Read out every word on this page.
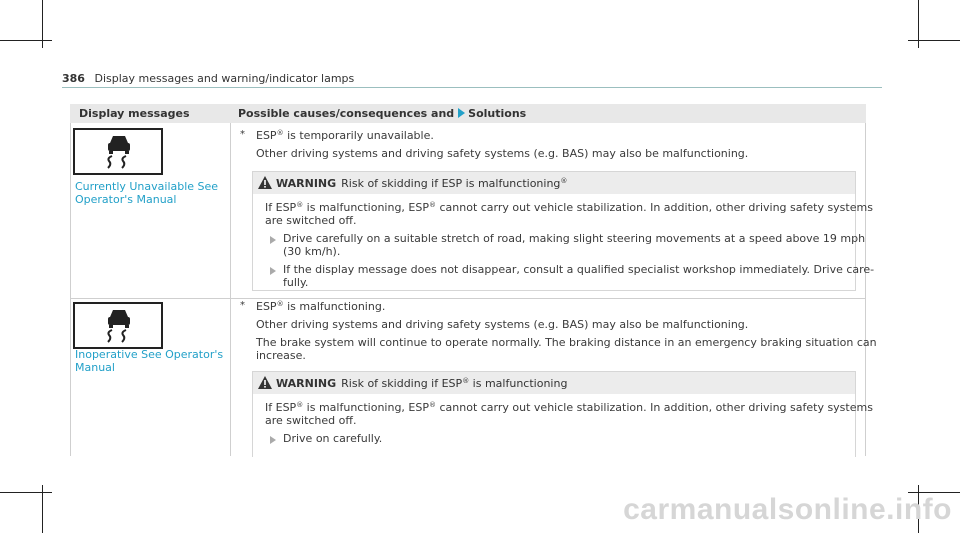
386 Display messages and warning/indicator lamps
Display messages	Possible causes/consequences and Solutions
Currently Unavailable See
Operator's Manual
* ESP® is temporarily unavailable.
Other driving systems and driving safety systems (e.g. BAS) may also be malfunctioning.
WARNING Risk of skidding if ESP is malfunctioning®
If ESP® is malfunctioning, ESP® cannot carry out vehicle stabilization. In addition, other driving safety systems
are switched off.
Drive carefully on a suitable stretch of road, making slight steering movements at a speed above 19 mph
(30 km/h).
If the display message does not disappear, consult a qualified specialist workshop immediately. Drive care-
fully.
Inoperative See Operator's
Manual
* ESP® is malfunctioning.
Other driving systems and driving safety systems (e.g. BAS) may also be malfunctioning.
The brake system will continue to operate normally. The braking distance in an emergency braking situation can
increase.
WARNING Risk of skidding if ESP® is malfunctioning
If ESP® is malfunctioning, ESP® cannot carry out vehicle stabilization. In addition, other driving safety systems
are switched off.
Drive on carefully.
carmanualsonline.info
